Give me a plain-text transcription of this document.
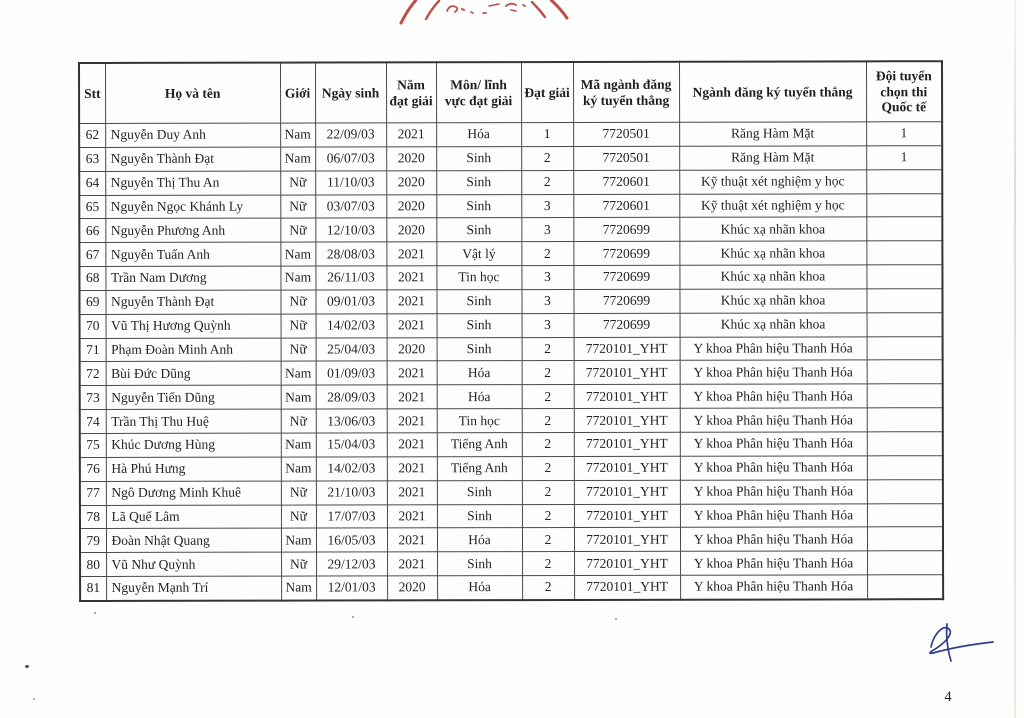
Stt	Họ và tên	Giới	Ngày sinh	Năm đạt giải	Môn/ lĩnh vực đạt giải	Đạt giải	Mã ngành đăng ký tuyển thẳng	Ngành đăng ký tuyển thẳng	Đội tuyển chọn thi Quốc tế
62	Nguyễn Duy Anh	Nam	22/09/03	2021	Hóa	1	7720501	Răng Hàm Mặt	1
63	Nguyễn Thành Đạt	Nam	06/07/03	2020	Sinh	2	7720501	Răng Hàm Mặt	1
64	Nguyễn Thị Thu An	Nữ	11/10/03	2020	Sinh	2	7720601	Kỹ thuật xét nghiệm y học	
65	Nguyễn Ngọc Khánh Ly	Nữ	03/07/03	2020	Sinh	3	7720601	Kỹ thuật xét nghiệm y học	
66	Nguyễn Phương Anh	Nữ	12/10/03	2020	Sinh	3	7720699	Khúc xạ nhãn khoa	
67	Nguyễn Tuấn Anh	Nam	28/08/03	2021	Vật lý	2	7720699	Khúc xạ nhãn khoa	
68	Trần Nam Dương	Nam	26/11/03	2021	Tin học	3	7720699	Khúc xạ nhãn khoa	
69	Nguyễn Thành Đạt	Nữ	09/01/03	2021	Sinh	3	7720699	Khúc xạ nhãn khoa	
70	Vũ Thị Hương Quỳnh	Nữ	14/02/03	2021	Sinh	3	7720699	Khúc xạ nhãn khoa	
71	Phạm Đoàn Minh Anh	Nữ	25/04/03	2020	Sinh	2	7720101_YHT	Y khoa Phân hiệu Thanh Hóa	
72	Bùi Đức Dũng	Nam	01/09/03	2021	Hóa	2	7720101_YHT	Y khoa Phân hiệu Thanh Hóa	
73	Nguyễn Tiến Dũng	Nam	28/09/03	2021	Hóa	2	7720101_YHT	Y khoa Phân hiệu Thanh Hóa	
74	Trần Thị Thu Huệ	Nữ	13/06/03	2021	Tin học	2	7720101_YHT	Y khoa Phân hiệu Thanh Hóa	
75	Khúc Dương Hùng	Nam	15/04/03	2021	Tiếng Anh	2	7720101_YHT	Y khoa Phân hiệu Thanh Hóa	
76	Hà Phú Hưng	Nam	14/02/03	2021	Tiếng Anh	2	7720101_YHT	Y khoa Phân hiệu Thanh Hóa	
77	Ngô Dương Minh Khuê	Nữ	21/10/03	2021	Sinh	2	7720101_YHT	Y khoa Phân hiệu Thanh Hóa	
78	Lã Quế Lâm	Nữ	17/07/03	2021	Sinh	2	7720101_YHT	Y khoa Phân hiệu Thanh Hóa	
79	Đoàn Nhật Quang	Nam	16/05/03	2021	Hóa	2	7720101_YHT	Y khoa Phân hiệu Thanh Hóa	
80	Vũ Như Quỳnh	Nữ	29/12/03	2021	Sinh	2	7720101_YHT	Y khoa Phân hiệu Thanh Hóa	
81	Nguyễn Mạnh Trí	Nam	12/01/03	2020	Hóa	2	7720101_YHT	Y khoa Phân hiệu Thanh Hóa	
4
